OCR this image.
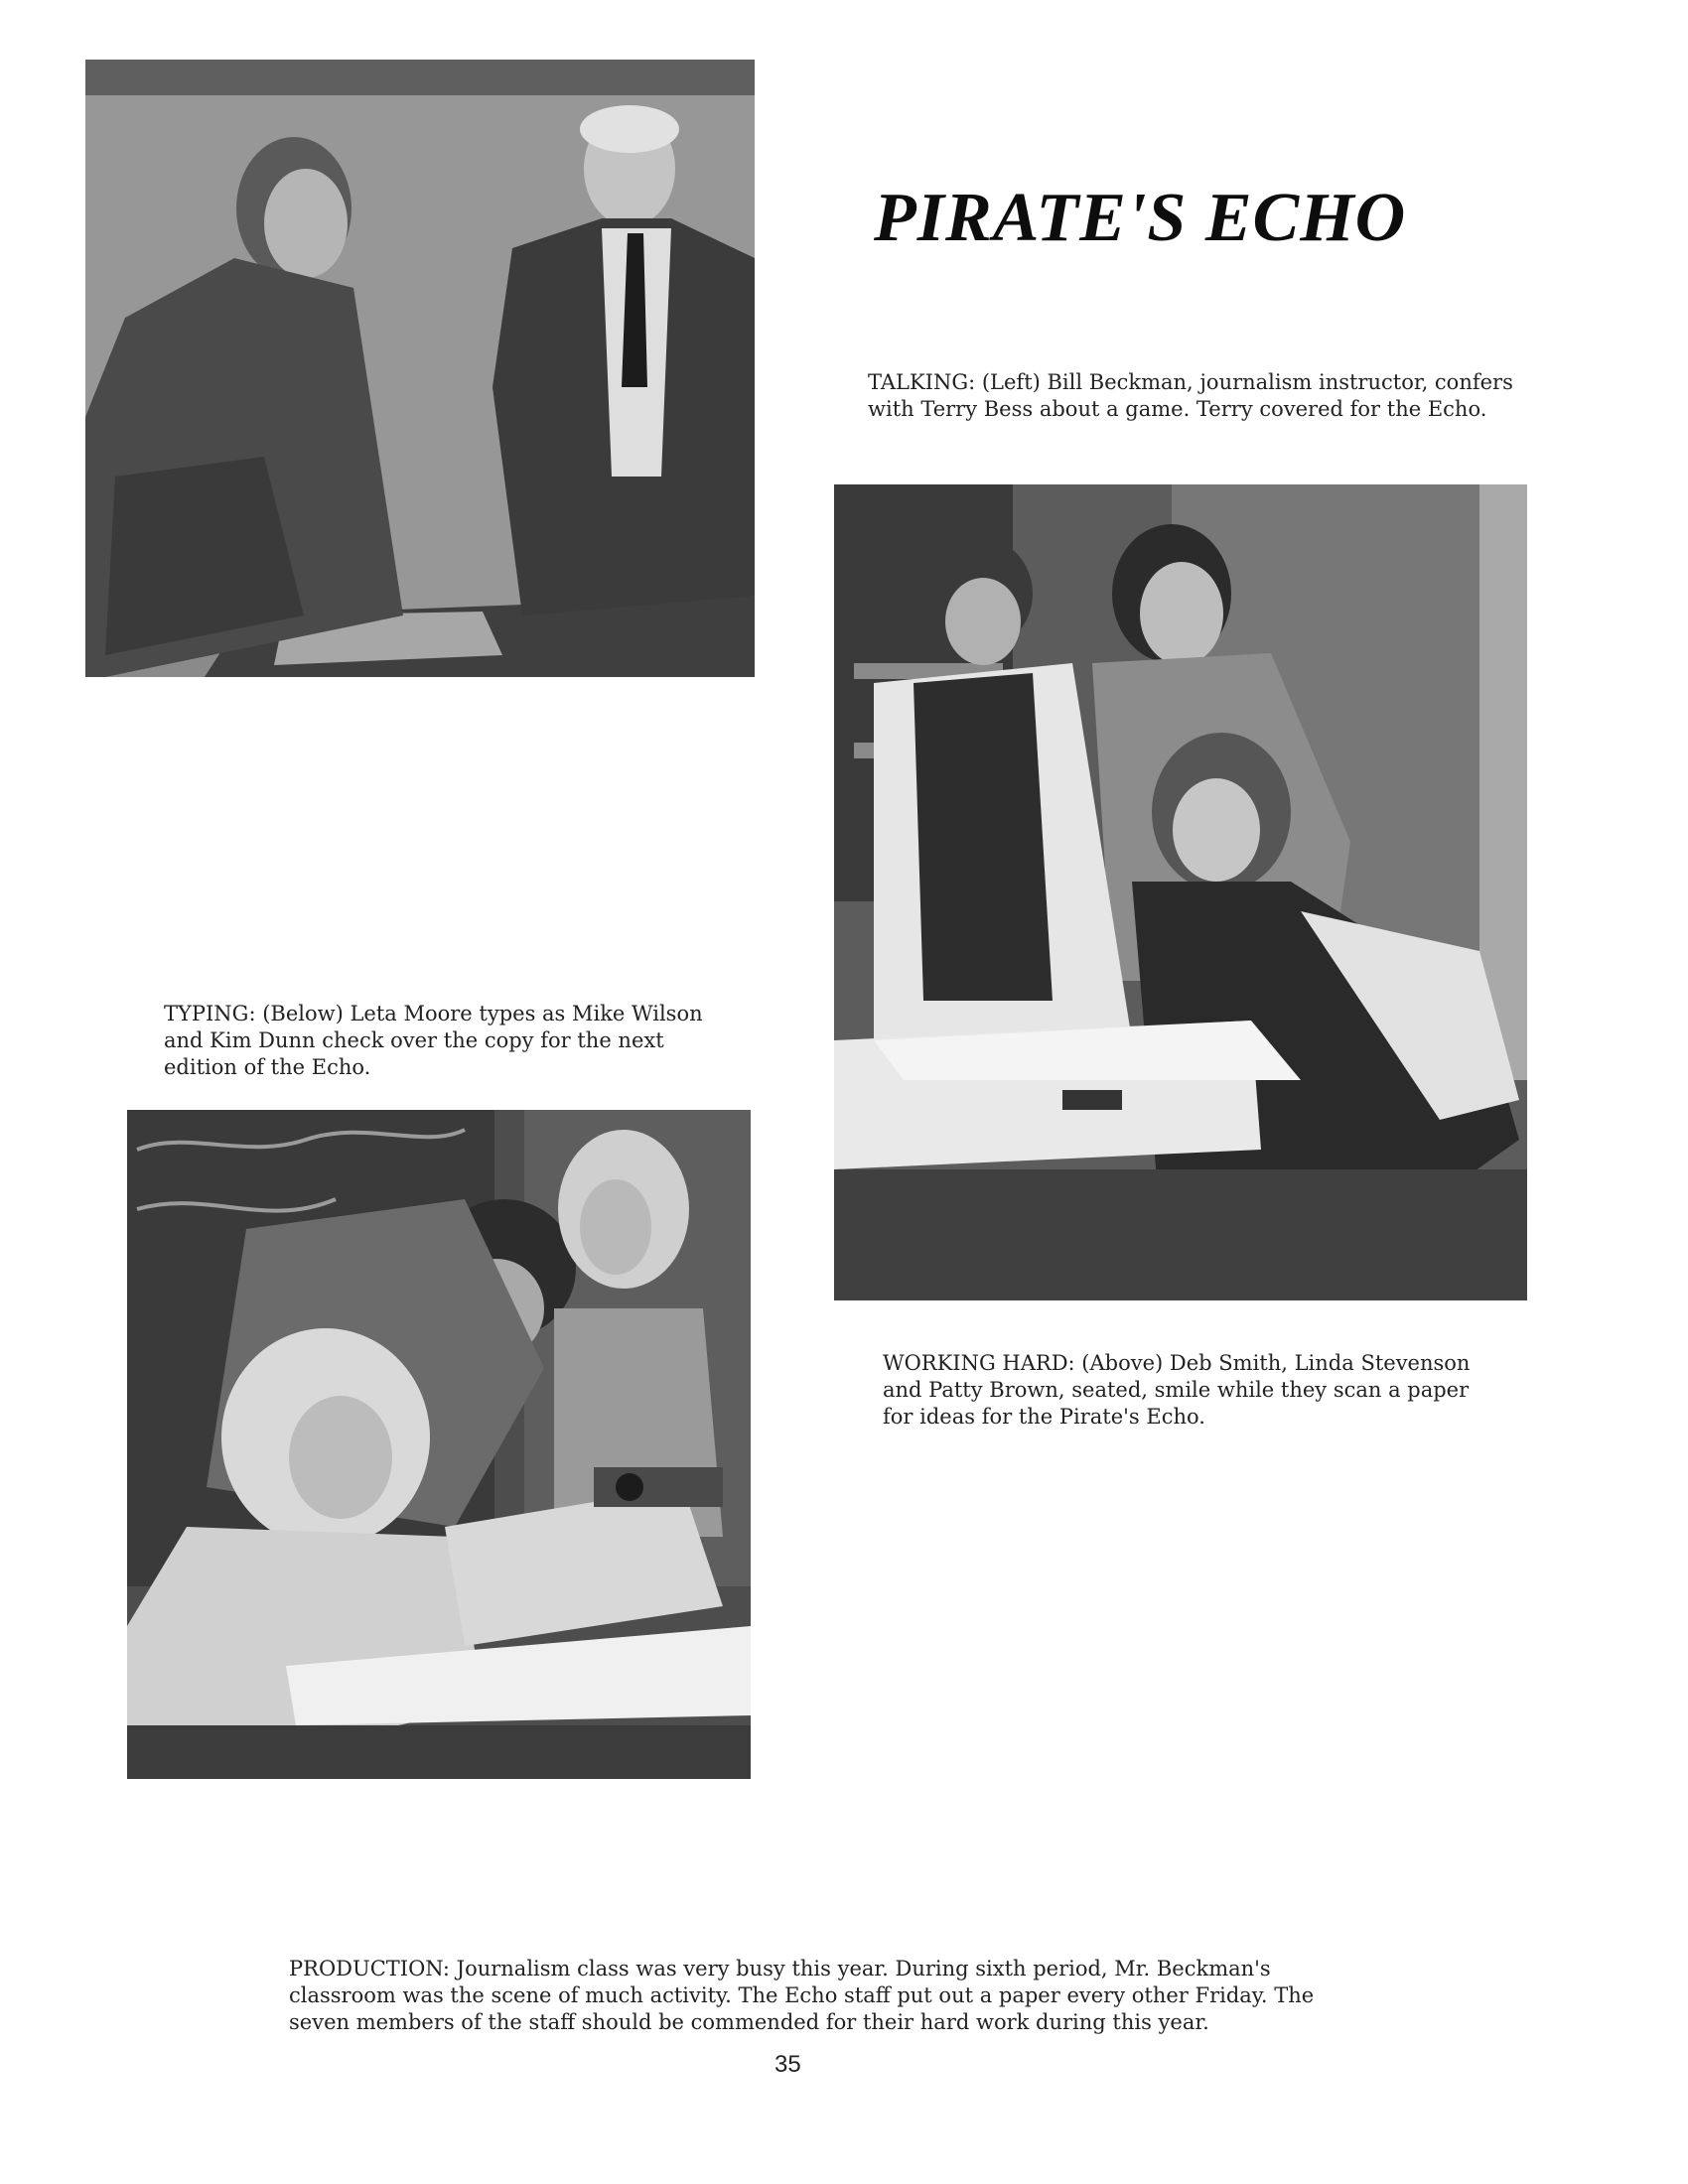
PIRATE'S ECHO

TALKING: (Left) Bill Beckman, journalism instructor, confers with Terry Bess about a game. Terry covered for the Echo.

TYPING: (Below) Leta Moore types as Mike Wilson and Kim Dunn check over the copy for the next edition of the Echo.

WORKING HARD: (Above) Deb Smith, Linda Stevenson and Patty Brown, seated, smile while they scan a paper for ideas for the Pirate's Echo.

PRODUCTION: Journalism class was very busy this year. During sixth period, Mr. Beckman's classroom was the scene of much activity. The Echo staff put out a paper every other Friday. The seven members of the staff should be commended for their hard work during this year.

35
